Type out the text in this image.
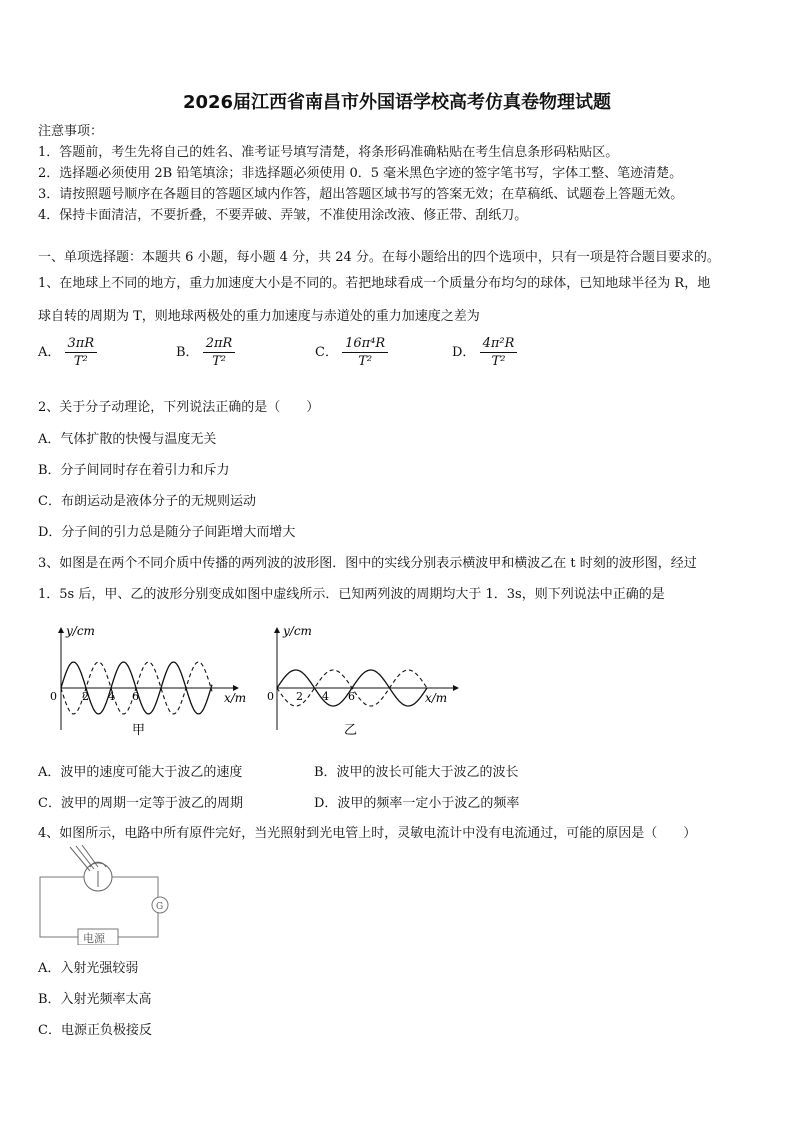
2026届江西省南昌市外国语学校高考仿真卷物理试题
注意事项：
1．答题前，考生先将自己的姓名、准考证号填写清楚，将条形码准确粘贴在考生信息条形码粘贴区。
2．选择题必须使用 2B 铅笔填涂；非选择题必须使用 0．5 毫米黑色字迹的签字笔书写，字体工整、笔迹清楚。
3．请按照题号顺序在各题目的答题区域内作答，超出答题区域书写的答案无效；在草稿纸、试题卷上答题无效。
4．保持卡面清洁，不要折叠，不要弄破、弄皱，不准使用涂改液、修正带、刮纸刀。
一、单项选择题：本题共 6 小题，每小题 4 分，共 24 分。在每小题给出的四个选项中，只有一项是符合题目要求的。
1、在地球上不同的地方，重力加速度大小是不同的。若把地球看成一个质量分布均匀的球体，已知地球半径为 R，地
球自转的周期为 T，则地球两极处的重力加速度与赤道处的重力加速度之差为
A． $\frac{3\pi R}{\text{T²}}$	B． $\frac{2\pi R}{\text{T²}}$	C． $\frac{\text{16π⁴R}}{\text{T²}}$	D． $\frac{\text{4π²R}}{\text{T²}}$
2、关于分子动理论，下列说法正确的是（　　）
A．气体扩散的快慢与温度无关
B．分子间同时存在着引力和斥力
C．布朗运动是液体分子的无规则运动
D．分子间的引力总是随分子间距增大而增大
3、如图是在两个不同介质中传播的两列波的波形图．图中的实线分别表示横波甲和横波乙在 t 时刻的波形图，经过
1．5s 后，甲、乙的波形分别变成如图中虚线所示．已知两列波的周期均大于 1．3s，则下列说法中正确的是
y/cm
x/m
0 2 4 6
甲
y/cm
x/m
0 2 4 6
乙
A．波甲的速度可能大于波乙的速度	B．波甲的波长可能大于波乙的波长
C．波甲的周期一定等于波乙的周期	D．波甲的频率一定小于波乙的频率
4、如图所示，电路中所有原件完好，当光照射到光电管上时，灵敏电流计中没有电流通过，可能的原因是（　　）
电源
G
A．入射光强较弱
B．入射光频率太高
C．电源正负极接反
